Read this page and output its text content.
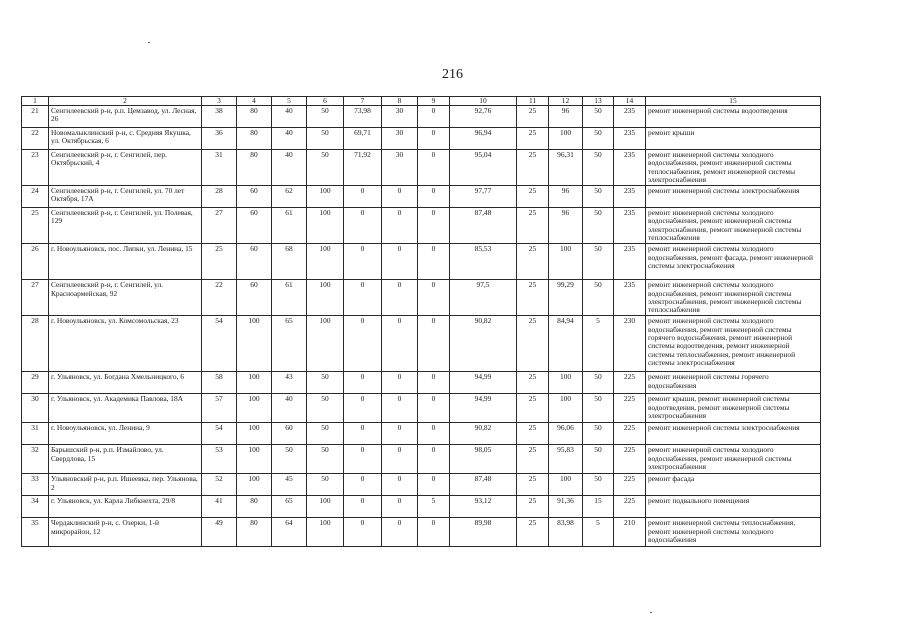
216
1	2	3	4	5	6	7	8	9	10	11	12	13	14	15
21	Сенгилеевский р-н, р.п. Цемзавод, ул. Лесная, 26	38	80	40	50	73,98	30	0	92,76	25	96	50	235	ремонт инженерной системы водоотведения
22	Новомалыклинский р-н, с. Средняя Якушка, ул. Октябрьская, 6	36	80	40	50	69,71	30	0	96,94	25	100	50	235	ремонт крыши
23	Сенгилеевский р-н, г. Сенгилей, пер. Октябрьский, 4	31	80	40	50	71,92	30	0	95,04	25	96,31	50	235	ремонт инженерной системы холодного водоснабжения, ремонт инженерной системы теплоснабжения, ремонт инженерной системы электроснабжения
24	Сенгилеевский р-н, г. Сенгилей, ул. 70 лет Октября, 17А	28	60	62	100	0	0	0	97,77	25	96	50	235	ремонт инженерной системы электроснабжения
25	Сенгилеевский р-н, г. Сенгилей, ул. Полевая, 129	27	60	61	100	0	0	0	87,48	25	96	50	235	ремонт инженерной системы холодного водоснабжения, ремонт инженерной системы электроснабжения, ремонт инженерной системы теплоснабжения
26	г. Новоульяновск, пос. Липки, ул. Ленина, 15	25	60	68	100	0	0	0	85,53	25	100	50	235	ремонт инженерной системы холодного водоснабжения, ремонт фасада, ремонт инженерной системы электроснабжения
27	Сенгилеевский р-н, г. Сенгилей, ул. Красноармейская, 92	22	60	61	100	0	0	0	97,5	25	99,29	50	235	ремонт инженерной системы холодного водоснабжения, ремонт инженерной системы электроснабжения, ремонт инженерной системы теплоснабжения
28	г. Новоульяновск, ул. Комсомольская, 23	54	100	65	100	0	0	0	90,82	25	84,94	5	230	ремонт инженерной системы холодного водоснабжения, ремонт инженерной системы горячего водоснабжения, ремонт инженерной системы водоотведения, ремонт инженерной системы теплоснабжения, ремонт инженерной системы электроснабжения
29	г. Ульяновск, ул. Богдана Хмельницкого, 6	58	100	43	50	0	0	0	94,99	25	100	50	225	ремонт инженерной системы горячего водоснабжения
30	г. Ульяновск, ул. Академика Павлова, 18А	57	100	40	50	0	0	0	94,99	25	100	50	225	ремонт крыши, ремонт инженерной системы водоотведения, ремонт инженерной системы электроснабжения
31	г. Новоульяновск, ул. Ленина, 9	54	100	60	50	0	0	0	90,82	25	96,06	50	225	ремонт инженерной системы электроснабжения
32	Барышский р-н, р.п. Измайлово, ул. Свердлова, 15	53	100	50	50	0	0	0	98,05	25	95,83	50	225	ремонт инженерной системы холодного водоснабжения, ремонт инженерной системы электроснабжения
33	Ульяновский р-н, р.п. Ишеевка, пер. Ульянова, 2	52	100	45	50	0	0	0	87,48	25	100	50	225	ремонт фасада
34	г. Ульяновск, ул. Карла Либкнехта, 29/8	41	80	65	100	0	0	5	93,12	25	91,36	15	225	ремонт подвального помещения
35	Чердаклинский р-н, с. Озерки, 1-й микрорайон, 12	49	80	64	100	0	0	0	89,98	25	83,98	5	210	ремонт инженерной системы теплоснабжения, ремонт инженерной системы холодного водоснабжения
